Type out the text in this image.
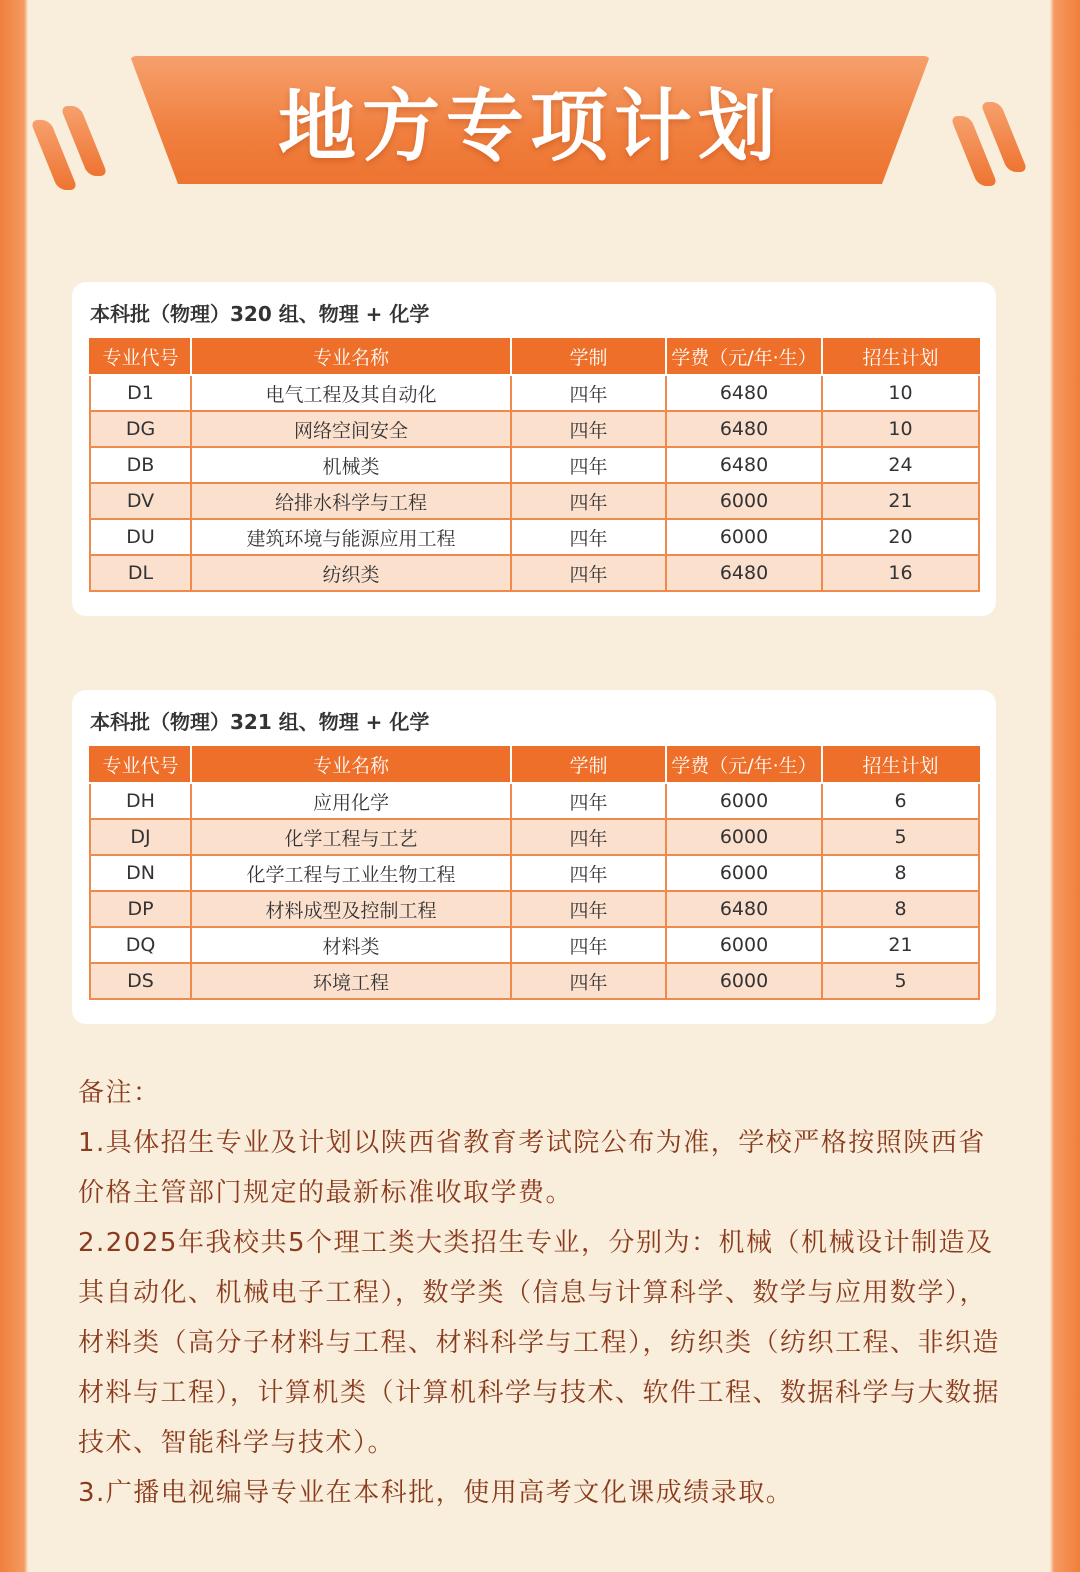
地方专项计划
本科批（物理）320 组、物理 + 化学
专业代号	专业名称	学制	学费（元/年·生）	招生计划
D1	电气工程及其自动化	四年	6480	10
DG	网络空间安全	四年	6480	10
DB	机械类	四年	6480	24
DV	给排水科学与工程	四年	6000	21
DU	建筑环境与能源应用工程	四年	6000	20
DL	纺织类	四年	6480	16
本科批（物理）321 组、物理 + 化学
专业代号	专业名称	学制	学费（元/年·生）	招生计划
DH	应用化学	四年	6000	6
DJ	化学工程与工艺	四年	6000	5
DN	化学工程与工业生物工程	四年	6000	8
DP	材料成型及控制工程	四年	6480	8
DQ	材料类	四年	6000	21
DS	环境工程	四年	6000	5

备注：

1.具体招生专业及计划以陕西省教育考试院公布为准，学校严格按照陕西省价格主管部门规定的最新标准收取学费。

2.2025年我校共5个理工类大类招生专业，分别为：机械（机械设计制造及其自动化、机械电子工程），数学类（信息与计算科学、数学与应用数学），材料类（高分子材料与工程、材料科学与工程），纺织类（纺织工程、非织造材料与工程），计算机类（计算机科学与技术、软件工程、数据科学与大数据技术、智能科学与技术）。

3.广播电视编导专业在本科批，使用高考文化课成绩录取。
